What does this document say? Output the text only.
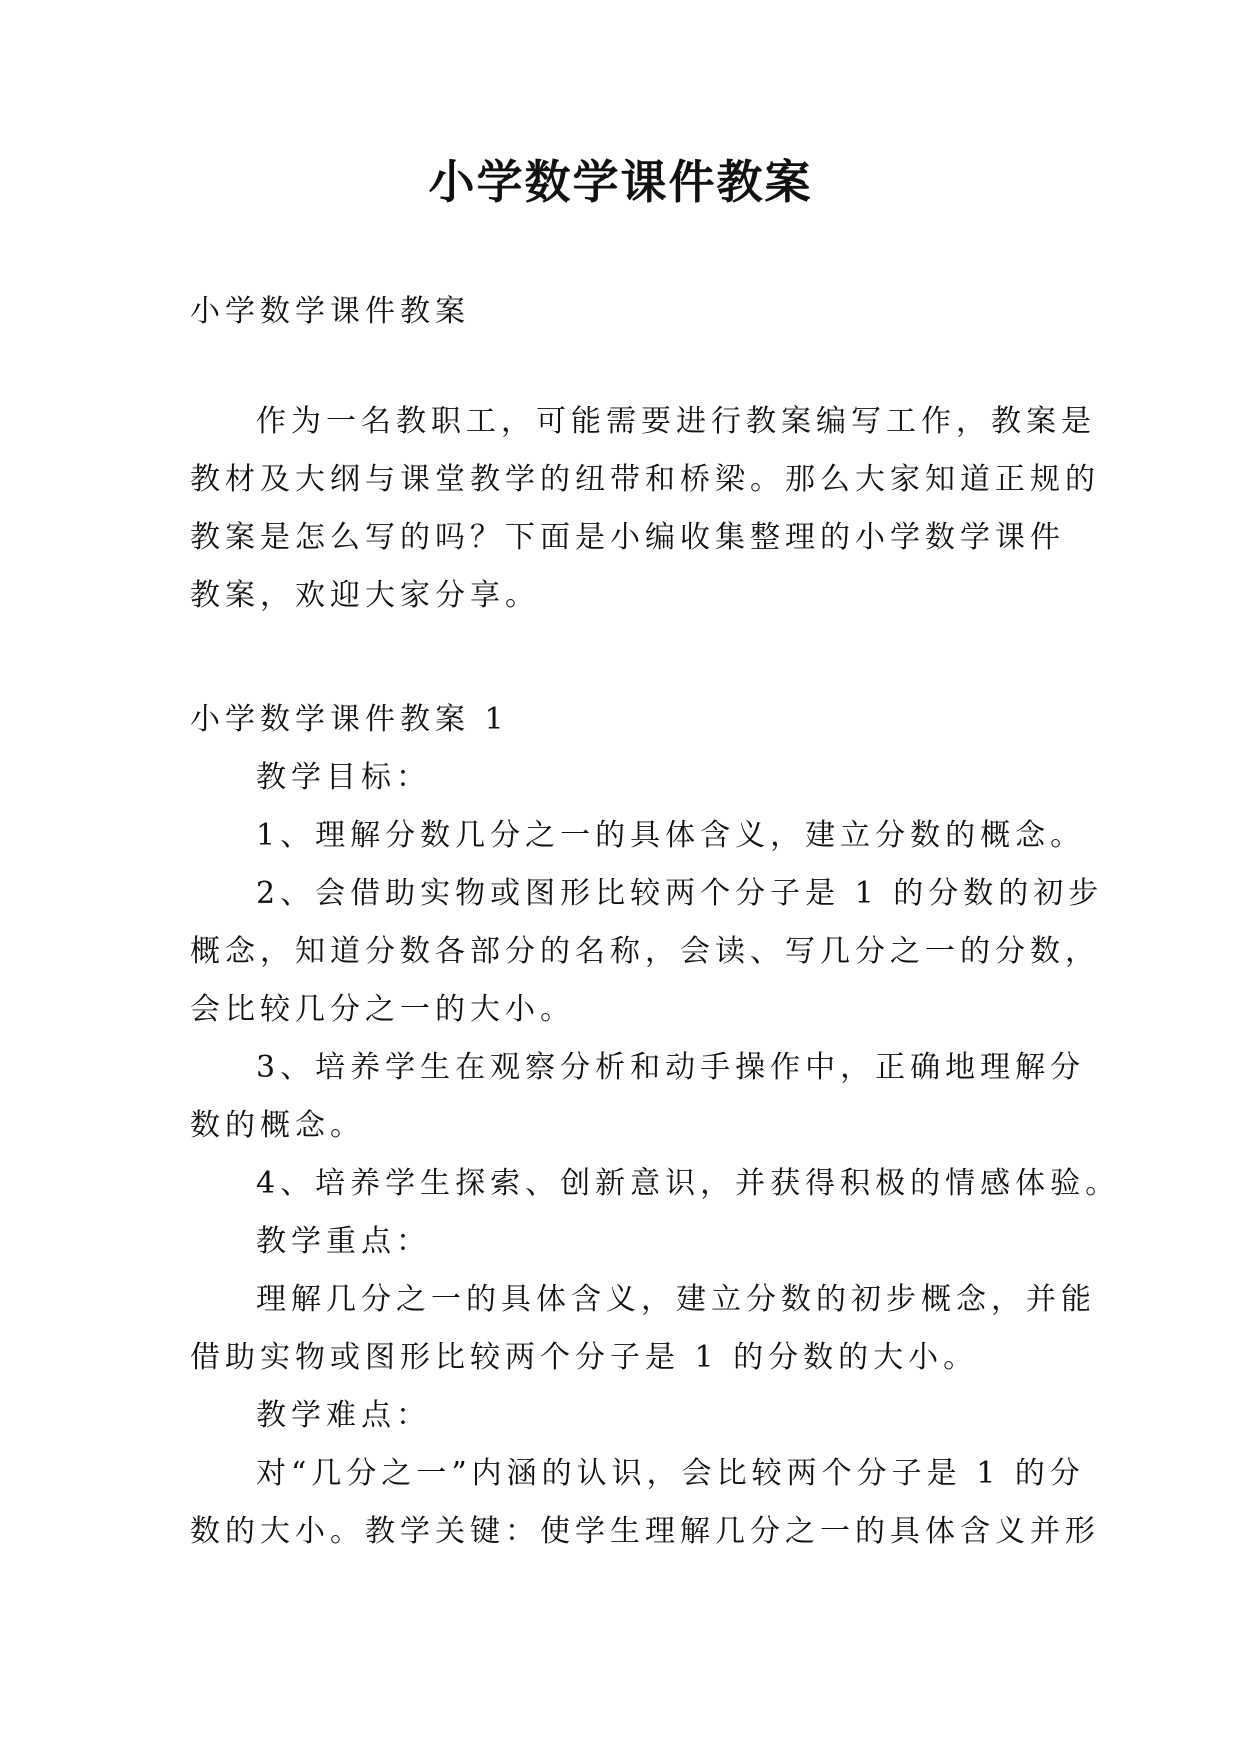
小学数学课件教案
小学数学课件教案
作为一名教职工，可能需要进行教案编写工作，教案是
教材及大纲与课堂教学的纽带和桥梁。那么大家知道正规的
教案是怎么写的吗？下面是小编收集整理的小学数学课件
教案，欢迎大家分享。
小学数学课件教案 1
教学目标：
1、理解分数几分之一的具体含义，建立分数的概念。
2、会借助实物或图形比较两个分子是 1 的分数的初步
概念，知道分数各部分的名称，会读、写几分之一的分数，
会比较几分之一的大小。
3、培养学生在观察分析和动手操作中，正确地理解分
数的概念。
4、培养学生探索、创新意识，并获得积极的情感体验。
教学重点：
理解几分之一的具体含义，建立分数的初步概念，并能
借助实物或图形比较两个分子是 1 的分数的大小。
教学难点：
对“几分之一”内涵的认识，会比较两个分子是 1 的分
数的大小。教学关键：使学生理解几分之一的具体含义并形
